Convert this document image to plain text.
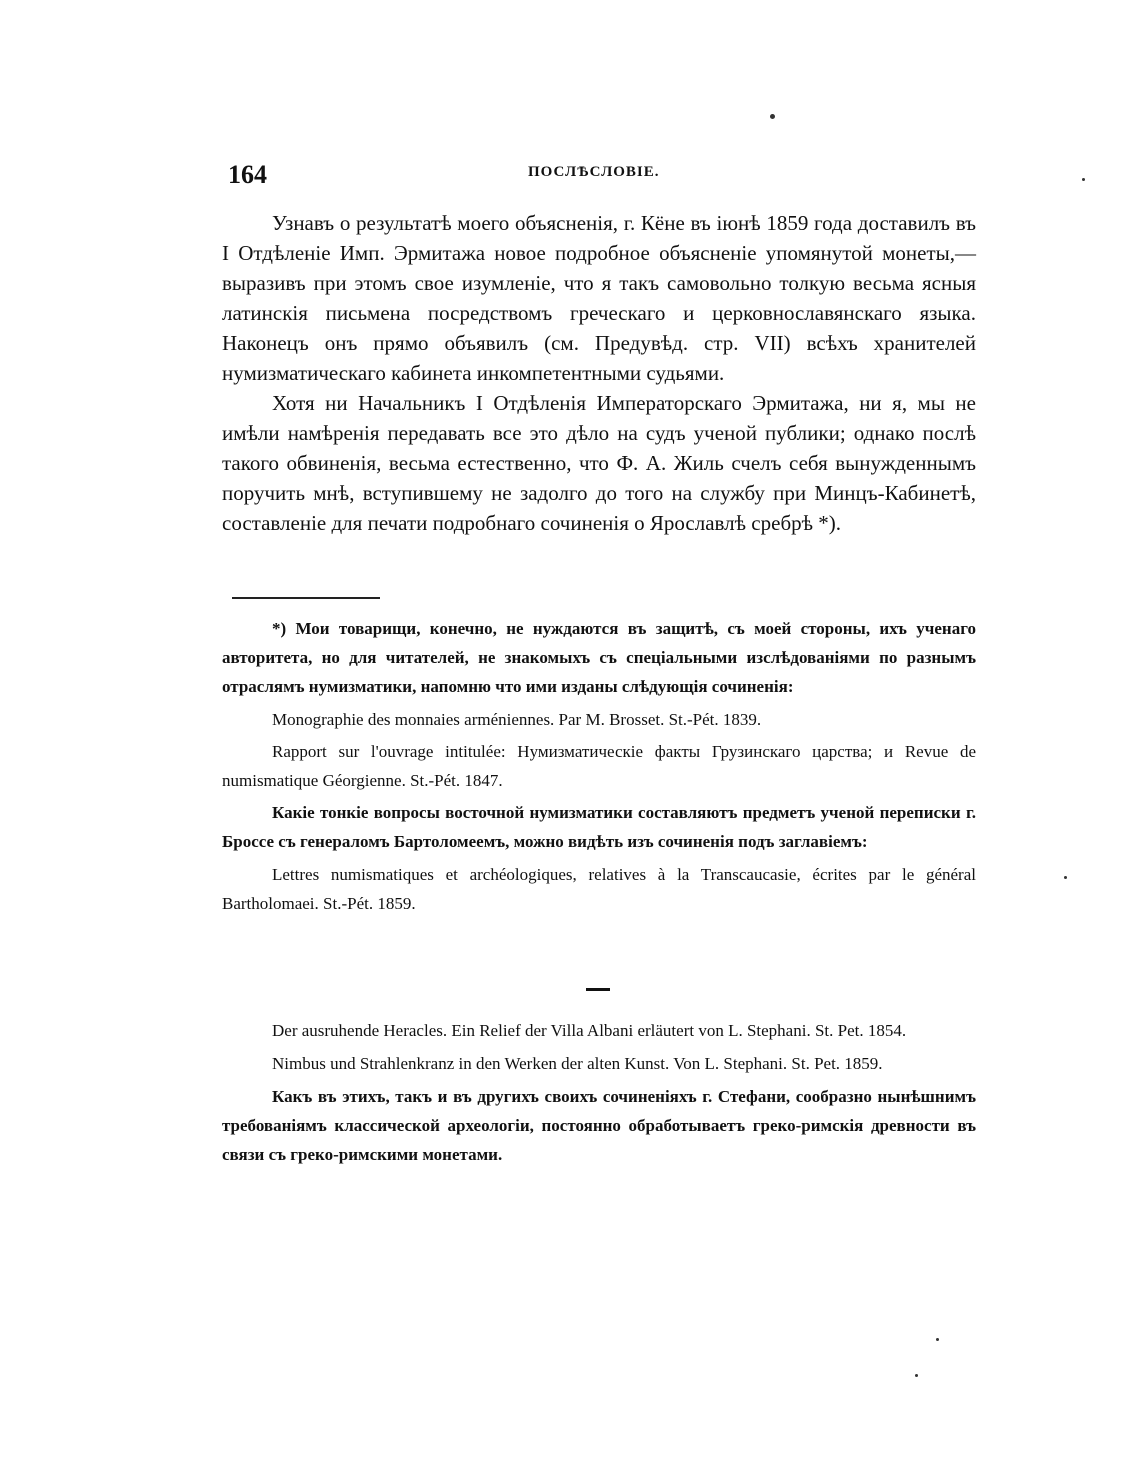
164	ПОСЛѢСЛОВІЕ.

Узнавъ о результатѣ моего объясненія, г. Кёне въ іюнѣ 1859 года доставилъ въ I Отдѣленіе Имп. Эрмитажа новое подробное объясненіе упомянутой монеты,—выразивъ при этомъ свое изумленіе, что я такъ самовольно толкую весьма ясныя латинскія письмена посредствомъ греческаго и церковнославянскаго языка. Наконецъ онъ прямо объявилъ (см. Предувѣд. стр. VII) всѣхъ хранителей нумизматическаго кабинета инкомпетентными судьями.

Хотя ни Начальникъ I Отдѣленія Императорскаго Эрмитажа, ни я, мы не имѣли намѣренія передавать все это дѣло на судъ ученой публики; однако послѣ такого обвиненія, весьма естественно, что Ф. А. Жиль счелъ себя вынужденнымъ поручить мнѣ, вступившему не задолго до того на службу при Минцъ-Кабинетѣ, составленіе для печати подробнаго сочиненія о Ярославлѣ сребрѣ *).

*) Мои товарищи, конечно, не нуждаются въ защитѣ, съ моей стороны, ихъ ученаго авторитета, но для читателей, не знакомыхъ съ спеціальными изслѣдованіями по разнымъ отраслямъ нумизматики, напомню что ими изданы слѣдующія сочиненія:

Monographie des monnaies arméniennes. Par M. Brosset. St.-Pét. 1839.

Rapport sur l'ouvrage intitulée: Нумизматическіе факты Грузинскаго царства; и Revue de numismatique Géorgienne. St.-Pét. 1847.

Какіе тонкіе вопросы восточной нумизматики составляютъ предметъ ученой переписки г. Броссе съ генераломъ Бартоломеемъ, можно видѣть изъ сочиненія подъ заглавіемъ:

Lettres numismatiques et archéologiques, relatives à la Transcaucasie, écrites par le général Bartholomaei. St.-Pét. 1859.

Der ausruhende Heracles. Ein Relief der Villa Albani erläutert von L. Stephani. St. Pet. 1854.

Nimbus und Strahlenkranz in den Werken der alten Kunst. Von L. Stephani. St. Pet. 1859.

Какъ въ этихъ, такъ и въ другихъ своихъ сочиненіяхъ г. Стефани, сообразно нынѣшнимъ требованіямъ классической археологіи, постоянно обработываетъ греко-римскія древности въ связи съ греко-римскими монетами.
